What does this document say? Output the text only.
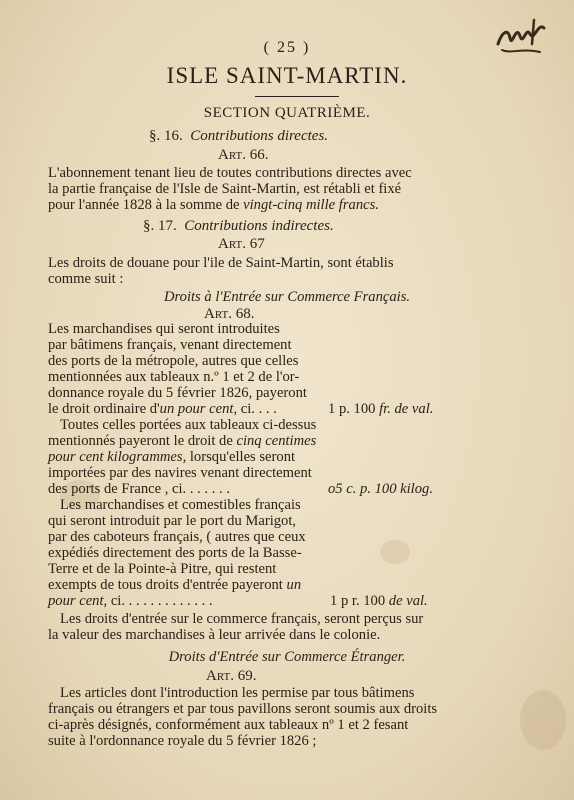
( 25 )
ISLE SAINT-MARTIN.
SECTION QUATRIÈME.
§. 16. Contributions directes.
Art. 66.
L'abonnement tenant lieu de toutes contributions directes avec
la partie française de l'Isle de Saint-Martin, est rétabli et fixé
pour l'année 1828 à la somme de vingt-cinq mille francs.
§. 17. Contributions indirectes.
Art. 67
Les droits de douane pour l'ile de Saint-Martin, sont établis
comme suit :
Droits à l'Entrée sur Commerce Français.
Art. 68.
Les marchandises qui seront introduites
par bâtimens français, venant directement
des ports de la métropole, autres que celles
mentionnées aux tableaux n.º 1 et 2 de l'or-
donnance royale du 5 février 1826, payeront
le droit ordinaire d'un pour cent, ci. . . .	1 p. 100 fr. de val.
Toutes celles portées aux tableaux ci-dessus
mentionnés payeront le droit de cinq centimes
pour cent kilogrammes, lorsqu'elles seront
importées par des navires venant directement
des ports de France , ci. . . . . . .	o5 c. p. 100 kilog.
Les marchandises et comestibles français
qui seront introduit par le port du Marigot,
par des caboteurs français, ( autres que ceux
expédiés directement des ports de la Basse-
Terre et de la Pointe-à Pitre, qui restent
exempts de tous droits d'entrée payeront un
pour cent, ci. . . . . . . . . . . . .	1 p r. 100 de val.
Les droits d'entrée sur le commerce français, seront perçus sur
la valeur des marchandises à leur arrivée dans le colonie.
Droits d'Entrée sur Commerce Étranger.
Art. 69.
Les articles dont l'introduction les permise par tous bâtimens
français ou étrangers et par tous pavillons seront soumis aux droits
ci-après désignés, conformément aux tableaux nº 1 et 2 fesant
suite à l'ordonnance royale du 5 février 1826 ;
